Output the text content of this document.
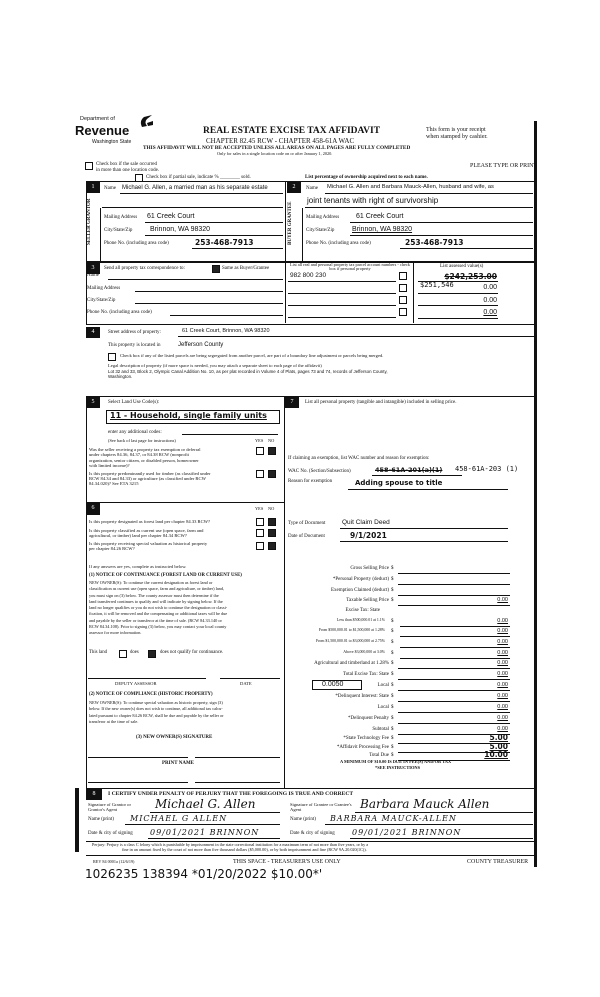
Department of
Revenue
Washington State
REAL ESTATE EXCISE TAX AFFIDAVIT
CHAPTER 82.45 RCW - CHAPTER 458-61A WAC
THIS AFFIDAVIT WILL NOT BE ACCEPTED UNLESS ALL AREAS ON ALL PAGES ARE FULLY COMPLETED
Only for sales in a single location code on or after January 1, 2020.
This form is your receipt
when stamped by cashier.
Check box if the sale occurred
in more than one location code.
PLEASE TYPE OR PRINT
Check box if partial sale, indicate % ________ sold.	List percentage of ownership acquired next to each name.
1	Name Michael G. Allen, a married man as his separate estate
SELLER GRANTOR Mailing Address 61 Creek Court
City/State/Zip	Brinnon, WA 98320
Phone No. (including area code)	253-468-7913
2	Name Michael G. Allen and Barbara Mauck-Allen, husband and wife, as
joint tenants with right of survivorship
BUYER GRANTEE	Mailing Address 61 Creek Court
City/State/Zip	Brinnon, WA 98320
Phone No. (including area code)	253-468-7913
3	Send all property tax correspondence to:	Same as Buyer/Grantee
List all real and personal property tax parcel account numbers - check box if personal property	List assessed value(s)
Name
Mailing Address
City/State/Zip
Phone No. (including area code)
982 800 230	$242,253.00
$251,546	0.00
0.00
0.00
4	Street address of property:	61 Creek Court, Brinnon, WA 98320
This property is located in	Jefferson County
Check box if any of the listed parcels are being segregated from another parcel, are part of a boundary line adjustment or parcels being merged.
Legal description of property (if more space is needed, you may attach a separate sheet to each page of the affidavit)
Lot 32 and 33, Block 2, Olympic Canal Addition No. 10, as per plat recorded in Volume 4 of Plats, pages 73 and 74, records of Jefferson County,
Washington.
5	Select Land Use Code(s):
11 - Household, single family units
enter any additional codes:
(See back of last page for instructions)	YES NO
Was the seller receiving a property tax exemption or deferral
under chapters 84.36, 84.37, or 84.38 RCW (nonprofit
organization, senior citizen, or disabled person, homeowner
with limited income)?
Is this property predominantly used for timber (as classified under
RCW 84.34 and 84.33) or agriculture (as classified under RCW
84.34.020)? See ETA 3215
6	YES NO
Is this property designated as forest land per chapter 84.33 RCW?
Is this property classified as current use (open space, farm and
agricultural, or timber) land per chapter 84.34 RCW?
Is this property receiving special valuation as historical property
per chapter 84.26 RCW?
If any answers are yes, complete as instructed below.
(1) NOTICE OF CONTINUANCE (FOREST LAND OR CURRENT USE)
NEW OWNER(S): To continue the current designation as forest land or
classification as current use (open space, farm and agriculture, or timber) land,
you must sign on (3) below. The county assessor must then determine if the
land transferred continues to qualify and will indicate by signing below. If the
land no longer qualifies or you do not wish to continue the designation or classi-
fication, it will be removed and the compensating or additional taxes will be due
and payable by the seller or transferor at the time of sale. (RCW 84.33.140 or
RCW 84.34.108). Prior to signing (3) below, you may contact your local county
assessor for more information.
This land	does	does not qualify for continuance.
DEPUTY ASSESSOR	DATE
(2) NOTICE OF COMPLIANCE (HISTORIC PROPERTY)
NEW OWNER(S): To continue special valuation as historic property, sign (3)
below. If the new owner(s) does not wish to continue, all additional tax calcu-
lated pursuant to chapter 84.26 RCW, shall be due and payable by the seller or
transferor at the time of sale.
(3) NEW OWNER(S) SIGNATURE
PRINT NAME
7	List all personal property (tangible and intangible) included in selling price.
If claiming an exemption, list WAC number and reason for exemption:
WAC No. (Section/Subsection)	458-61A-201(a)(1) 458-61A-203 (1)
Reason for exemption	Adding spouse to title
Type of Document	Quit Claim Deed
Date of Document	9/1/2021
Gross Selling Price $
*Personal Property (deduct) $
Exemption Claimed (deduct) $
Taxable Selling Price $	0.00
Excise Tax: State
Less than $500,000.01 at 1.1% $	0.00
From $500,000.01 to $1,500,000 at 1.28% $	0.00
From $1,500,000.01 to $3,000,000 at 2.75% $	0.00
Above $3,000,000 at 3.0% $	0.00
Agricultural and timberland at 1.28% $	0.00
Total Excise Tax: State $	0.00
Local $	0.00
*Delinquent Interest: State $	0.00
Local $	0.00
*Delinquent Penalty $	0.00
Subtotal $	0.00
*State Technology Fee $	5.00
*Affidavit Processing Fee $	5.00
Total Due $	10.00
0.0050
A MINIMUM OF $10.00 IS DUE IN FEE(S) AND/OR TAX
*SEE INSTRUCTIONS
8	I CERTIFY UNDER PENALTY OF PERJURY THAT THE FOREGOING IS TRUE AND CORRECT
Signature of Grantor or Grantor's Agent	Michael G. Allen
Name (print) MICHAEL G ALLEN
Date & city of signing 09/01/2021 BRINNON
Signature of Grantee or Grantee's Agent	Barbara Mauck Allen
Name (print) BARBARA MAUCK-ALLEN
Date & city of signing 09/01/2021 BRINNON
Perjury: Perjury is a class C felony which is punishable by imprisonment in the state correctional institution for a maximum term of not more than five years, or by a
fine in an amount fixed by the court of not more than five thousand dollars ($5,000.00), or by both imprisonment and fine (RCW 9A.20.020(1C)).
REV 84 0001a (12/6/19)	THIS SPACE - TREASURER'S USE ONLY	COUNTY TREASURER
1026235 138394 *01/20/2022 $10.00*'
